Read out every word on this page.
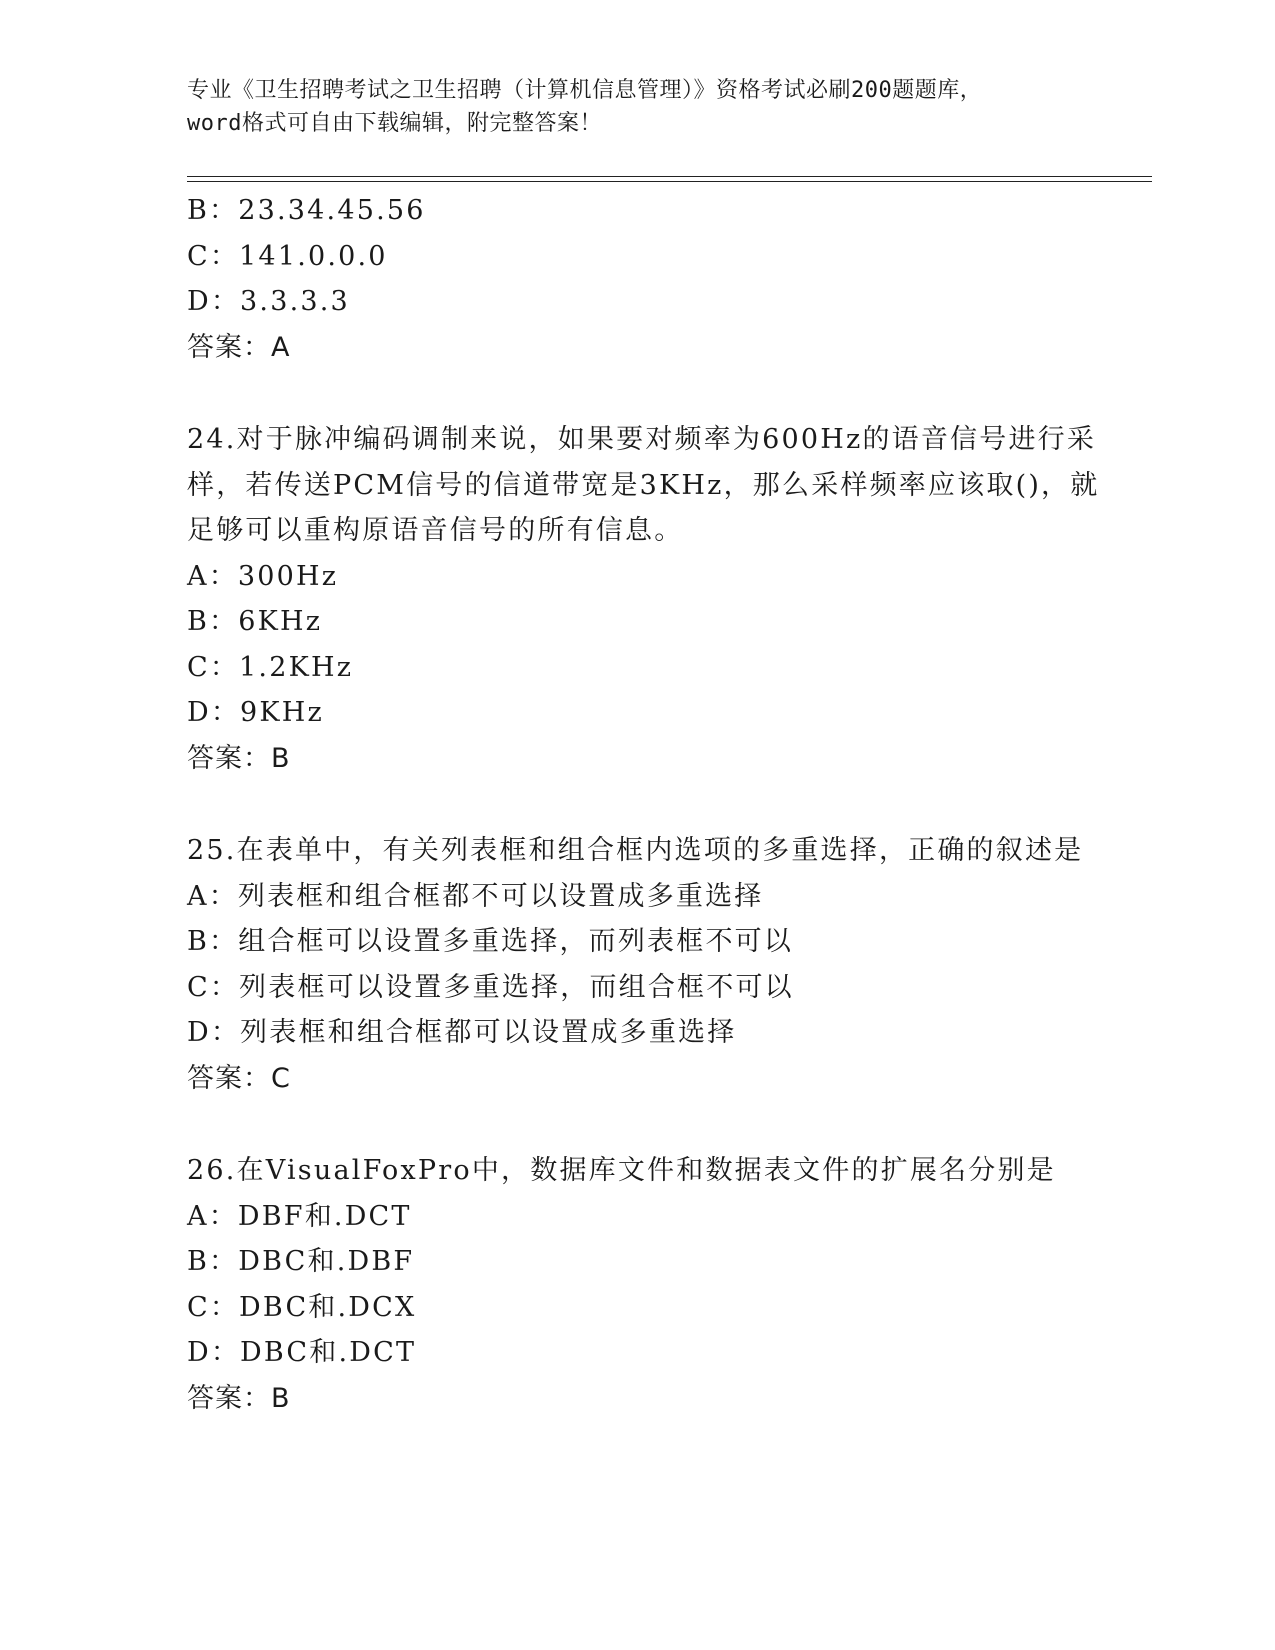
专业《卫生招聘考试之卫生招聘（计算机信息管理）》资格考试必刷200题题库，
word格式可自由下载编辑，附完整答案！
B：23.34.45.56
C：141.0.0.0
D：3.3.3.3
答案：A
24.对于脉冲编码调制来说，如果要对频率为600Hz的语音信号进行采
样，若传送PCM信号的信道带宽是3KHz，那么采样频率应该取()，就
足够可以重构原语音信号的所有信息。
A：300Hz
B：6KHz
C：1.2KHz
D：9KHz
答案：B
25.在表单中，有关列表框和组合框内选项的多重选择，正确的叙述是
A：列表框和组合框都不可以设置成多重选择
B：组合框可以设置多重选择，而列表框不可以
C：列表框可以设置多重选择，而组合框不可以
D：列表框和组合框都可以设置成多重选择
答案：C
26.在VisualFoxPro中，数据库文件和数据表文件的扩展名分别是
A：DBF和.DCT
B：DBC和.DBF
C：DBC和.DCX
D：DBC和.DCT
答案：B
